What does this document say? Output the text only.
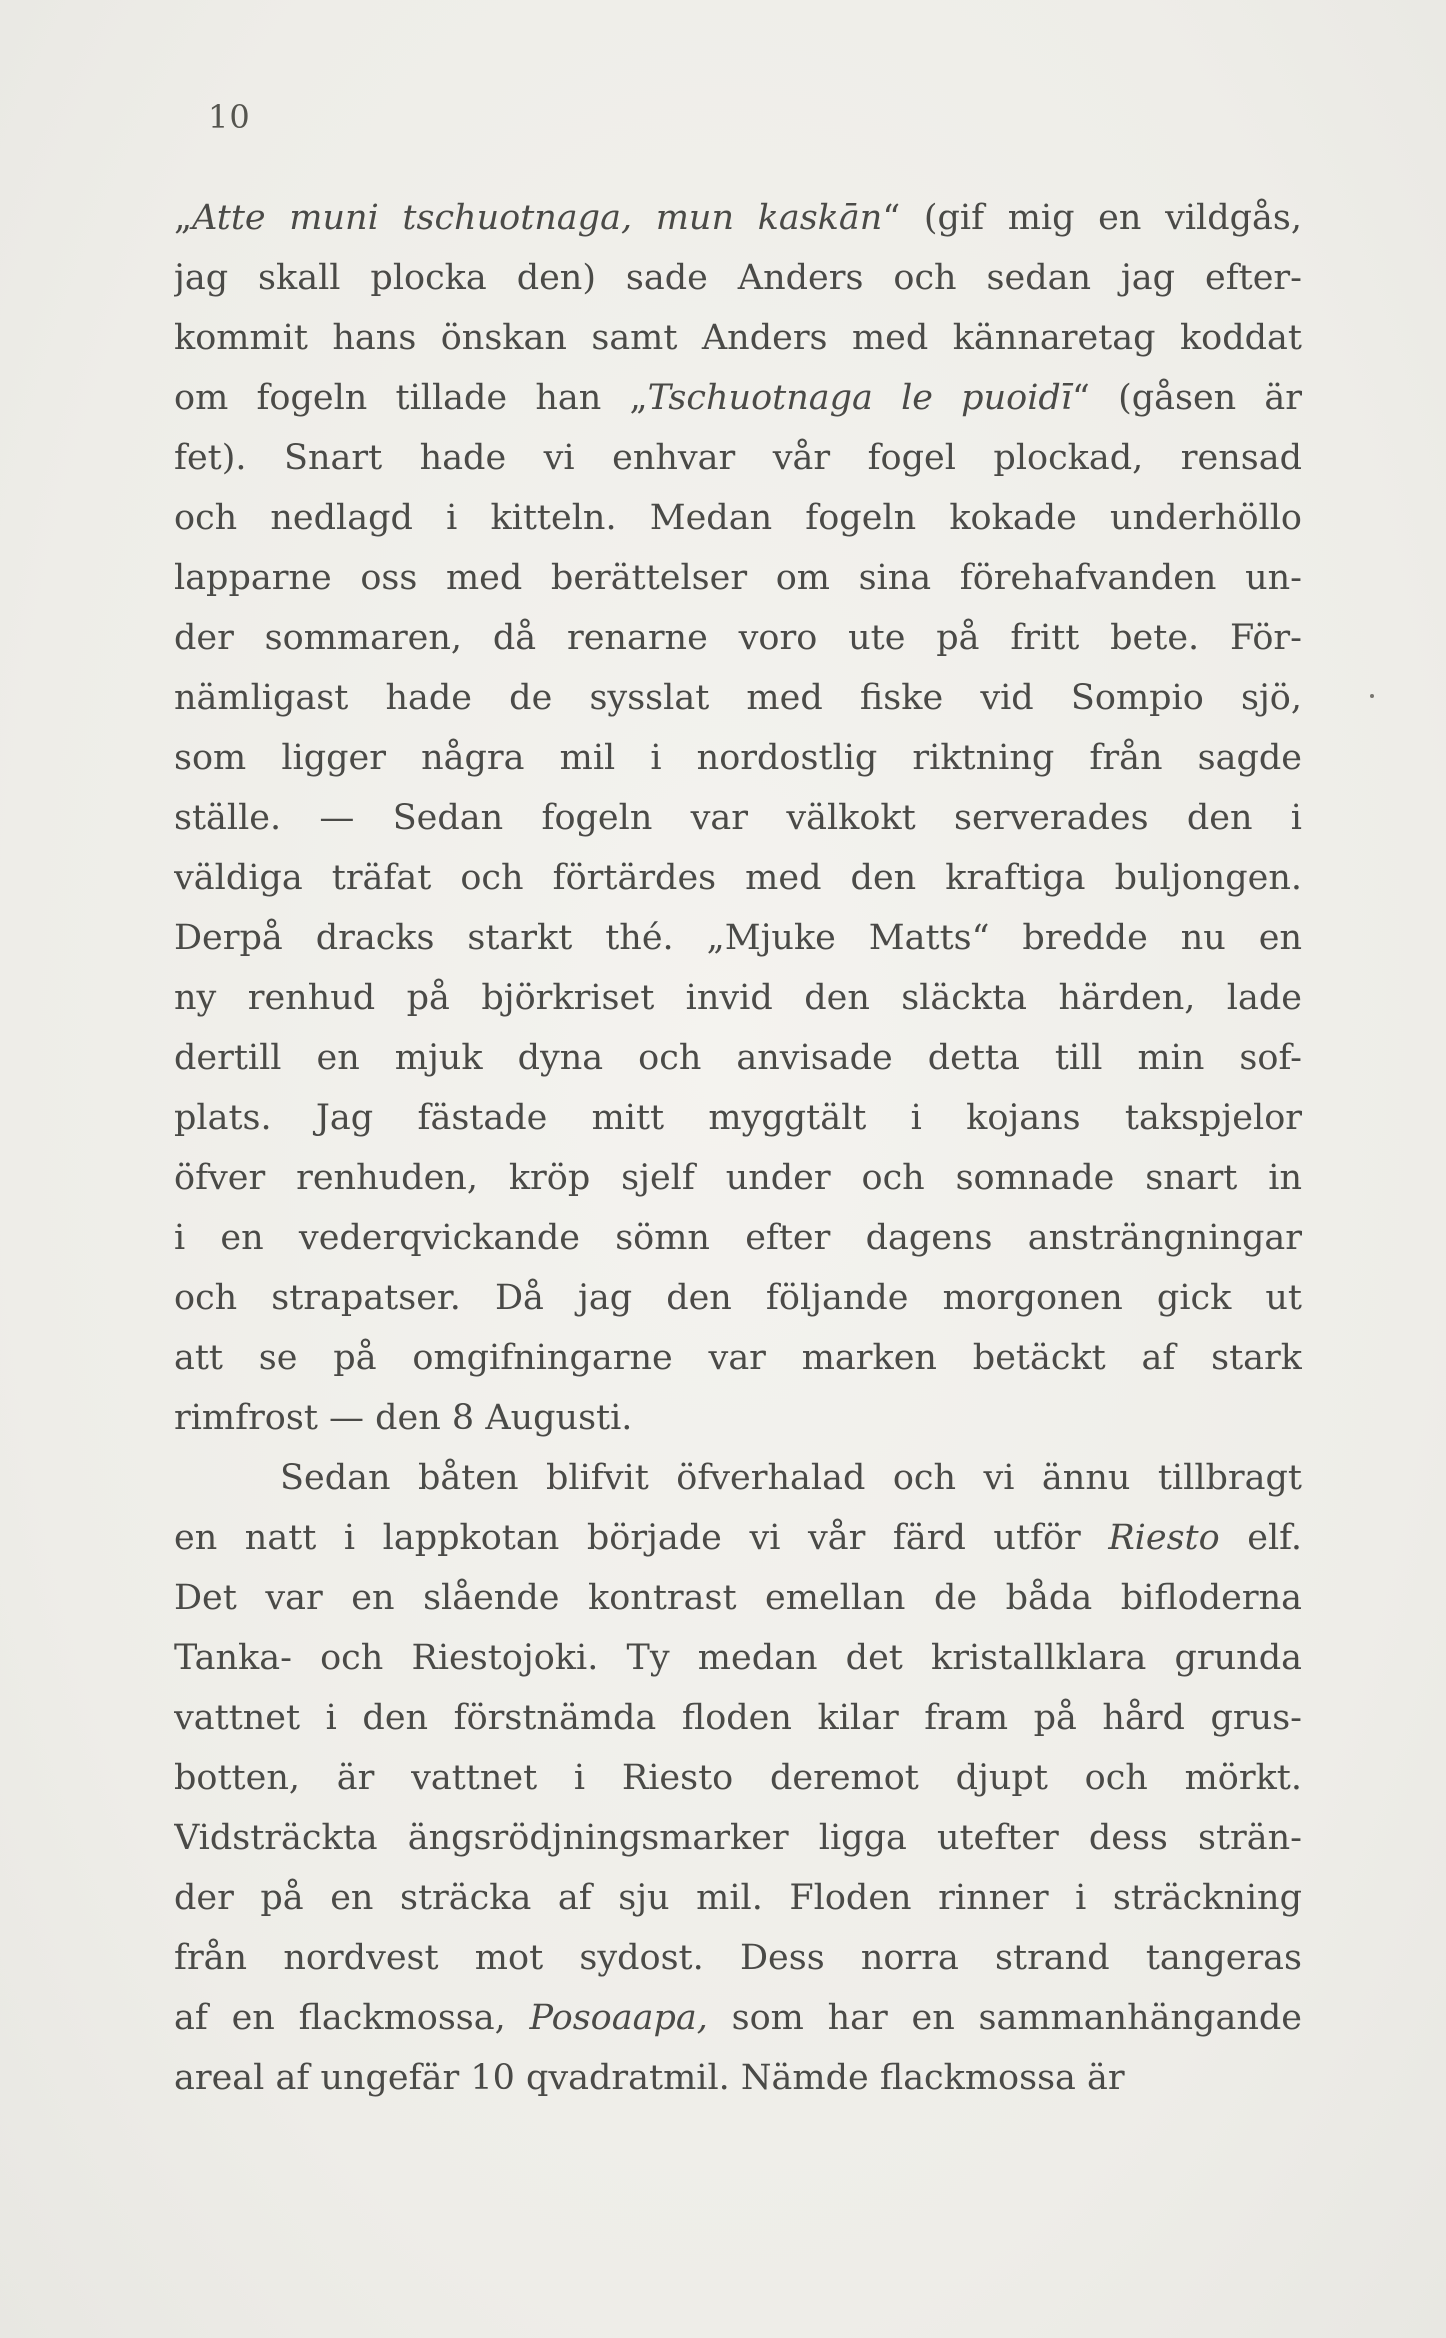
10
„Atte muni tschuotnaga, mun kaskān“ (gif mig en vildgås,
jag skall plocka den) sade Anders och sedan jag efter-
kommit hans önskan samt Anders med kännaretag koddat
om fogeln tillade han „Tschuotnaga le puoidī“ (gåsen är
fet). Snart hade vi enhvar vår fogel plockad, rensad
och nedlagd i kitteln. Medan fogeln kokade underhöllo
lapparne oss med berättelser om sina förehafvanden un-
der sommaren, då renarne voro ute på fritt bete. För-
nämligast hade de sysslat med fiske vid Sompio sjö,
som ligger några mil i nordostlig riktning från sagde
ställe. — Sedan fogeln var välkokt serverades den i
väldiga träfat och förtärdes med den kraftiga buljongen.
Derpå dracks starkt thé. „Mjuke Matts“ bredde nu en
ny renhud på björkriset invid den släckta härden, lade
dertill en mjuk dyna och anvisade detta till min sof-
plats. Jag fästade mitt myggtält i kojans takspjelor
öfver renhuden, kröp sjelf under och somnade snart in
i en vederqvickande sömn efter dagens ansträngningar
och strapatser. Då jag den följande morgonen gick ut
att se på omgifningarne var marken betäckt af stark
rimfrost — den 8 Augusti.
Sedan båten blifvit öfverhalad och vi ännu tillbragt
en natt i lappkotan började vi vår färd utför Riesto elf.
Det var en slående kontrast emellan de båda bifloderna
Tanka- och Riestojoki. Ty medan det kristallklara grunda
vattnet i den förstnämda floden kilar fram på hård grus-
botten, är vattnet i Riesto deremot djupt och mörkt.
Vidsträckta ängsrödjningsmarker ligga utefter dess strän-
der på en sträcka af sju mil. Floden rinner i sträckning
från nordvest mot sydost. Dess norra strand tangeras
af en flackmossa, Posoaapa, som har en sammanhängande
areal af ungefär 10 qvadratmil. Nämde flackmossa är
